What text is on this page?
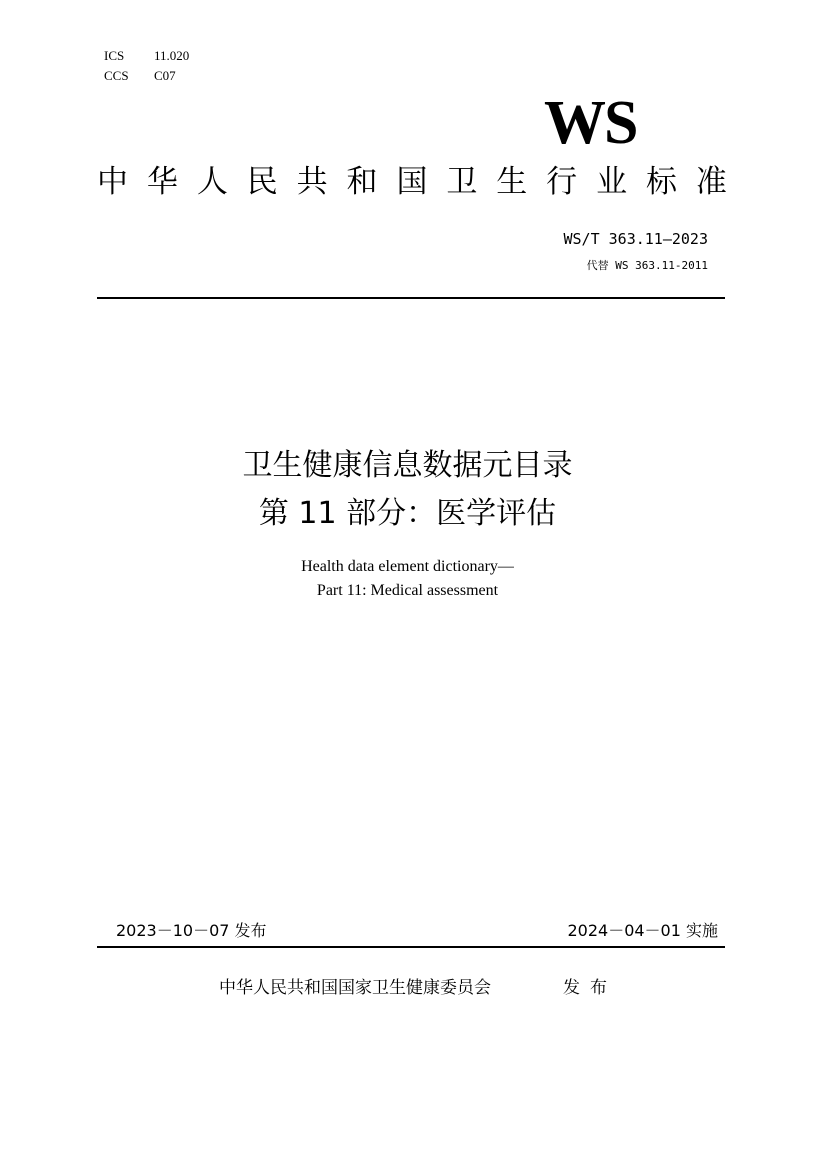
ICS 11.020
CCS C07
WS
中 华 人 民 共 和 国 卫 生 行 业 标 准
WS/T 363.11—2023
代替 WS 363.11-2011
卫生健康信息数据元目录
第 11 部分：医学评估
Health data element dictionary—
Part 11: Medical assessment
2023－10－07 发布	2024－04－01 实施
中华人民共和国国家卫生健康委员会	发布
